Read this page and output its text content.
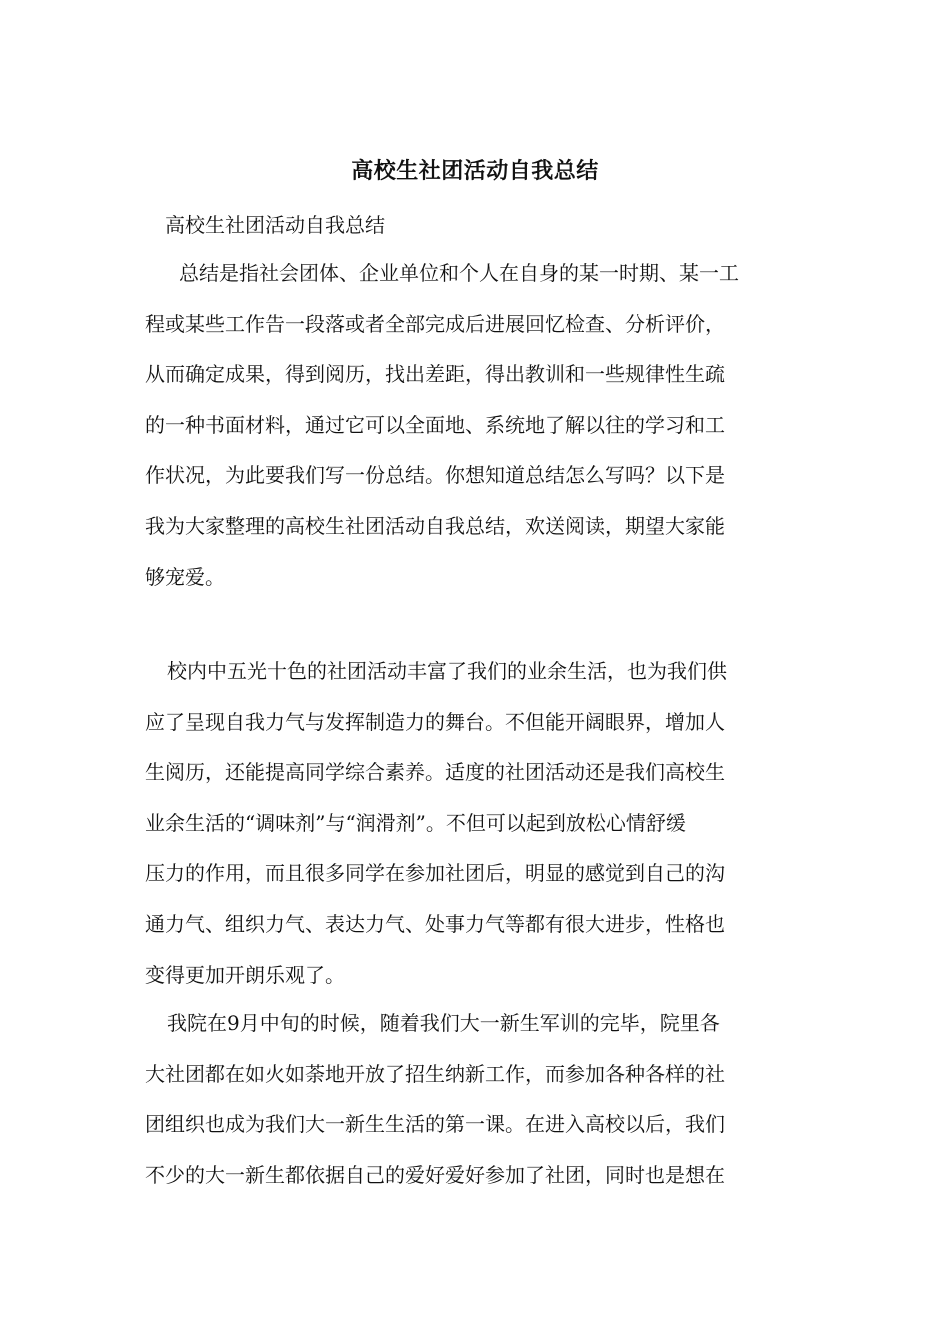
高校生社团活动自我总结
高校生社团活动自我总结
总结是指社会团体、企业单位和个人在自身的某一时期、某一工
程或某些工作告一段落或者全部完成后进展回忆检查、分析评价，
从而确定成果，得到阅历，找出差距，得出教训和一些规律性生疏
的一种书面材料，通过它可以全面地、系统地了解以往的学习和工
作状况，为此要我们写一份总结。你想知道总结怎么写吗？以下是
我为大家整理的高校生社团活动自我总结，欢送阅读，期望大家能
够宠爱。
校内中五光十色的社团活动丰富了我们的业余生活，也为我们供
应了呈现自我力气与发挥制造力的舞台。不但能开阔眼界，增加人
生阅历，还能提高同学综合素养。适度的社团活动还是我们高校生
业余生活的“调味剂”与“润滑剂”。不但可以起到放松心情舒缓
压力的作用，而且很多同学在参加社团后，明显的感觉到自己的沟
通力气、组织力气、表达力气、处事力气等都有很大进步，性格也
变得更加开朗乐观了。
我院在9月中旬的时候，随着我们大一新生军训的完毕，院里各
大社团都在如火如荼地开放了招生纳新工作，而参加各种各样的社
团组织也成为我们大一新生生活的第一课。在进入高校以后，我们
不少的大一新生都依据自己的爱好爱好参加了社团，同时也是想在
